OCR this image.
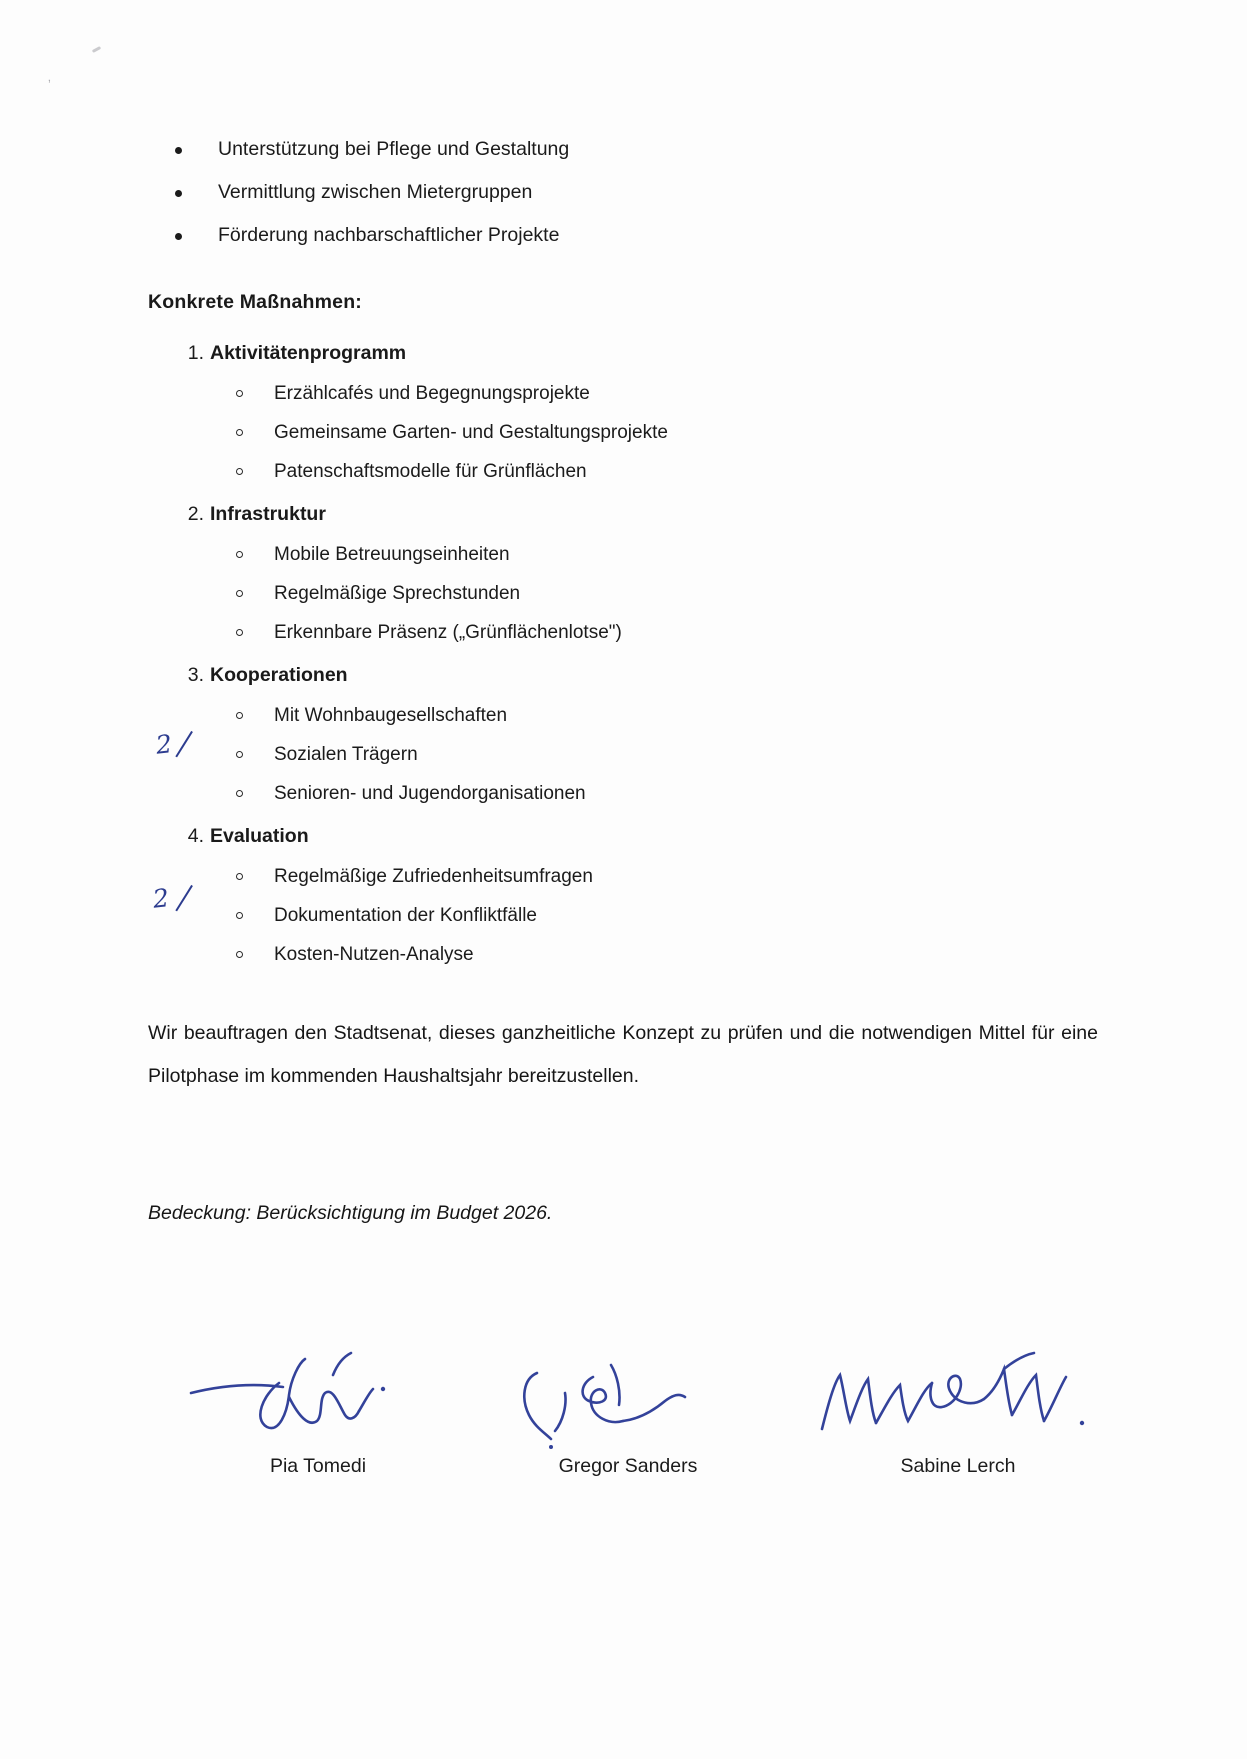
ʼ
Unterstützung bei Pflege und Gestaltung
Vermittlung zwischen Mietergruppen
Förderung nachbarschaftlicher Projekte
Konkrete Maßnahmen:
1. Aktivitätenprogramm
Erzählcafés und Begegnungsprojekte
Gemeinsame Garten- und Gestaltungsprojekte
Patenschaftsmodelle für Grünflächen
2. Infrastruktur
Mobile Betreuungseinheiten
Regelmäßige Sprechstunden
Erkennbare Präsenz („Grünflächenlotse")
3. Kooperationen
Mit Wohnbaugesellschaften
Sozialen Trägern
Senioren- und Jugendorganisationen
4. Evaluation
Regelmäßige Zufriedenheitsumfragen
Dokumentation der Konfliktfälle
Kosten-Nutzen-Analyse
Wir beauftragen den Stadtsenat, dieses ganzheitliche Konzept zu prüfen und die notwendigen Mittel für eine Pilotphase im kommenden Haushaltsjahr bereitzustellen.
Bedeckung: Berücksichtigung im Budget 2026.
2
2
Pia Tomedi	Gregor Sanders	Sabine Lerch
